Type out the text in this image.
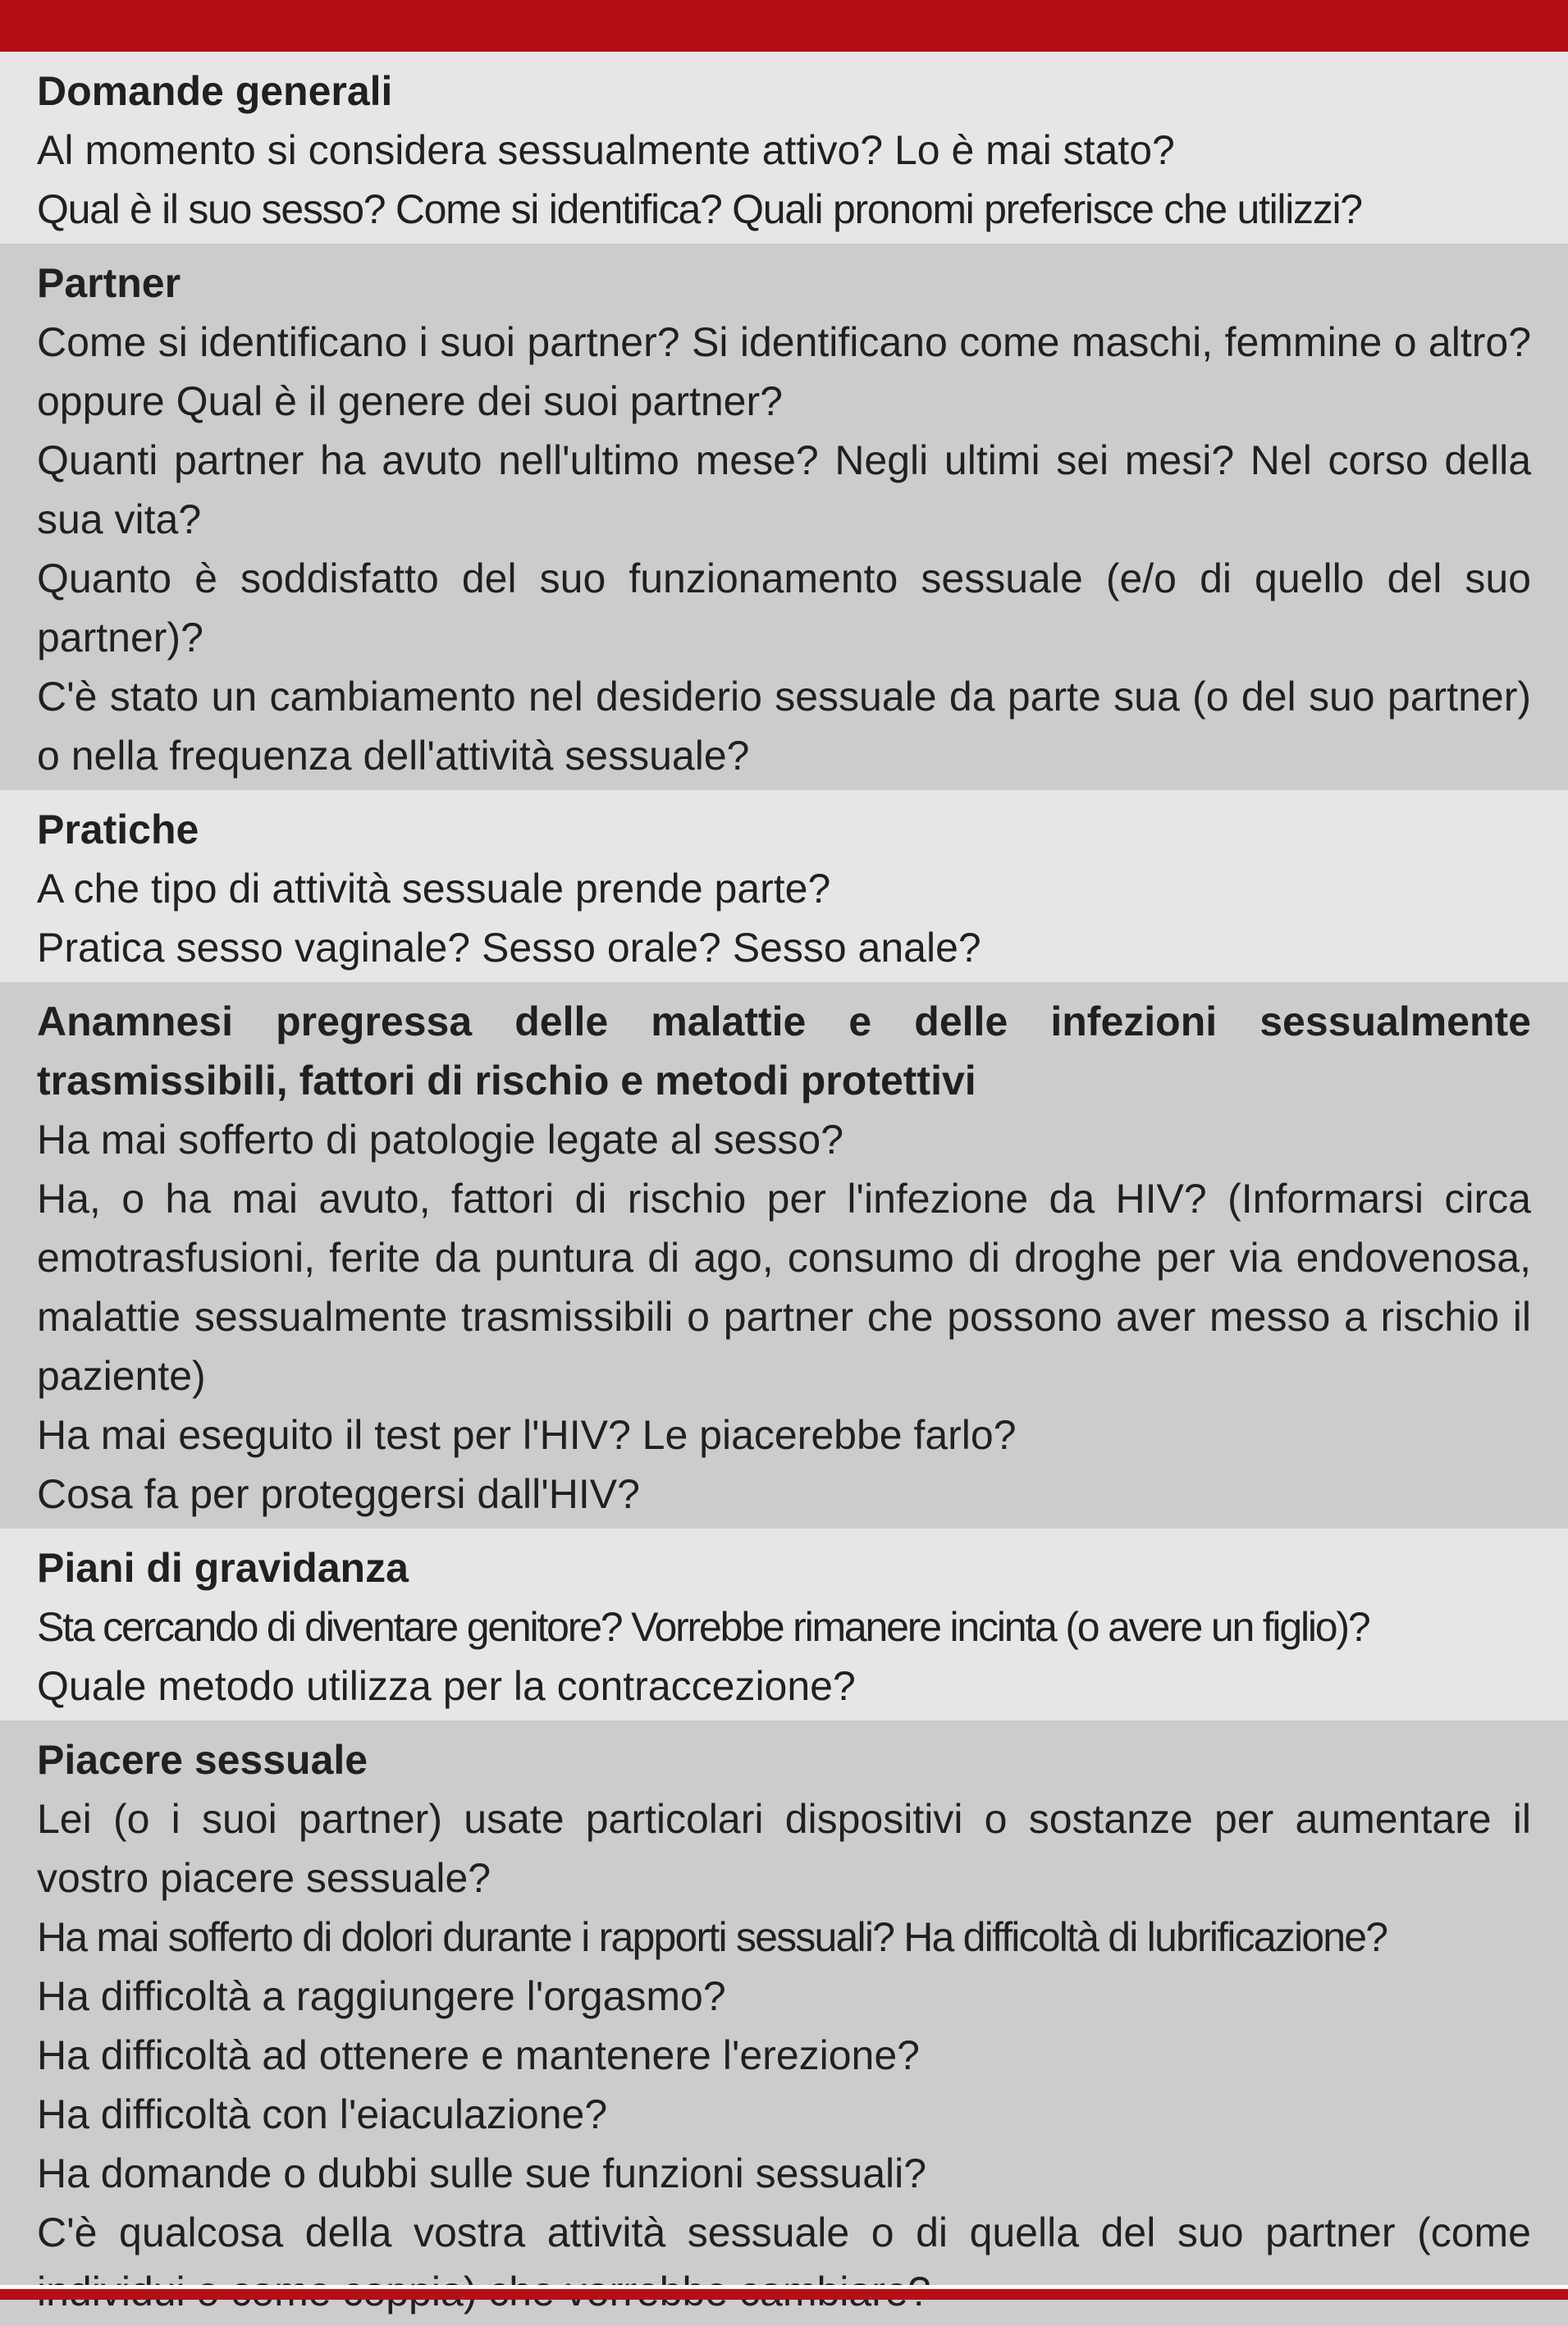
Domande generali

Al momento si considera sessualmente attivo? Lo è mai stato?

Qual è il suo sesso? Come si identifica? Quali pronomi preferisce che utilizzi?

Partner

Come si identificano i suoi partner? Si identificano come maschi, femmine o altro? oppure Qual è il genere dei suoi partner?

Quanti partner ha avuto nell'ultimo mese? Negli ultimi sei mesi? Nel corso della sua vita?

Quanto è soddisfatto del suo funzionamento sessuale (e/o di quello del suo partner)?

C'è stato un cambiamento nel desiderio sessuale da parte sua (o del suo partner) o nella frequenza dell'attività sessuale?

Pratiche

A che tipo di attività sessuale prende parte?

Pratica sesso vaginale? Sesso orale? Sesso anale?

Anamnesi pregressa delle malattie e delle infezioni sessualmente trasmissibili, fattori di rischio e metodi protettivi

Ha mai sofferto di patologie legate al sesso?

Ha, o ha mai avuto, fattori di rischio per l'infezione da HIV? (Informarsi circa emotrasfusioni, ferite da puntura di ago, consumo di droghe per via endovenosa, malattie sessualmente trasmissibili o partner che possono aver messo a rischio il paziente)

Ha mai eseguito il test per l'HIV? Le piacerebbe farlo?

Cosa fa per proteggersi dall'HIV?

Piani di gravidanza

Sta cercando di diventare genitore? Vorrebbe rimanere incinta (o avere un figlio)?

Quale metodo utilizza per la contraccezione?

Piacere sessuale

Lei (o i suoi partner) usate particolari dispositivi o sostanze per aumentare il vostro piacere sessuale?

Ha mai sofferto di dolori durante i rapporti sessuali? Ha difficoltà di lubrificazione?

Ha difficoltà a raggiungere l'orgasmo?

Ha difficoltà ad ottenere e mantenere l'erezione?

Ha difficoltà con l'eiaculazione?

Ha domande o dubbi sulle sue funzioni sessuali?

C'è qualcosa della vostra attività sessuale o di quella del suo partner (come
